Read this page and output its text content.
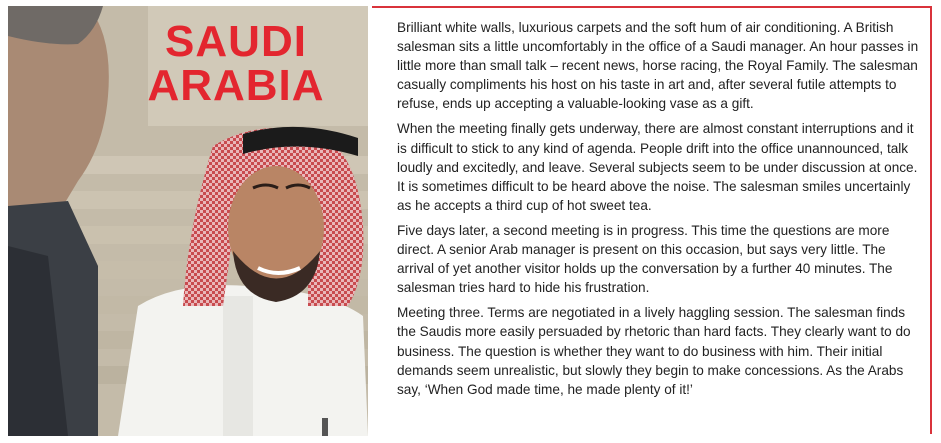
SAUDI
ARABIA

Brilliant white walls, luxurious carpets and the soft hum of air conditioning. A British salesman sits a little uncomfortably in the office of a Saudi manager. An hour passes in little more than small talk – recent news, horse racing, the Royal Family. The salesman casually compliments his host on his taste in art and, after several futile attempts to refuse, ends up accepting a valuable-looking vase as a gift.

When the meeting finally gets underway, there are almost constant interruptions and it is difficult to stick to any kind of agenda. People drift into the office unannounced, talk loudly and excitedly, and leave. Several subjects seem to be under discussion at once. It is sometimes difficult to be heard above the noise. The salesman smiles uncertainly as he accepts a third cup of hot sweet tea.

Five days later, a second meeting is in progress. This time the questions are more direct. A senior Arab manager is present on this occasion, but says very little. The arrival of yet another visitor holds up the conversation by a further 40 minutes. The salesman tries hard to hide his frustration.

Meeting three. Terms are negotiated in a lively haggling session. The salesman finds the Saudis more easily persuaded by rhetoric than hard facts. They clearly want to do business. The question is whether they want to do business with him. Their initial demands seem unrealistic, but slowly they begin to make concessions. As the Arabs say, ‘When God made time, he made plenty of it!’
